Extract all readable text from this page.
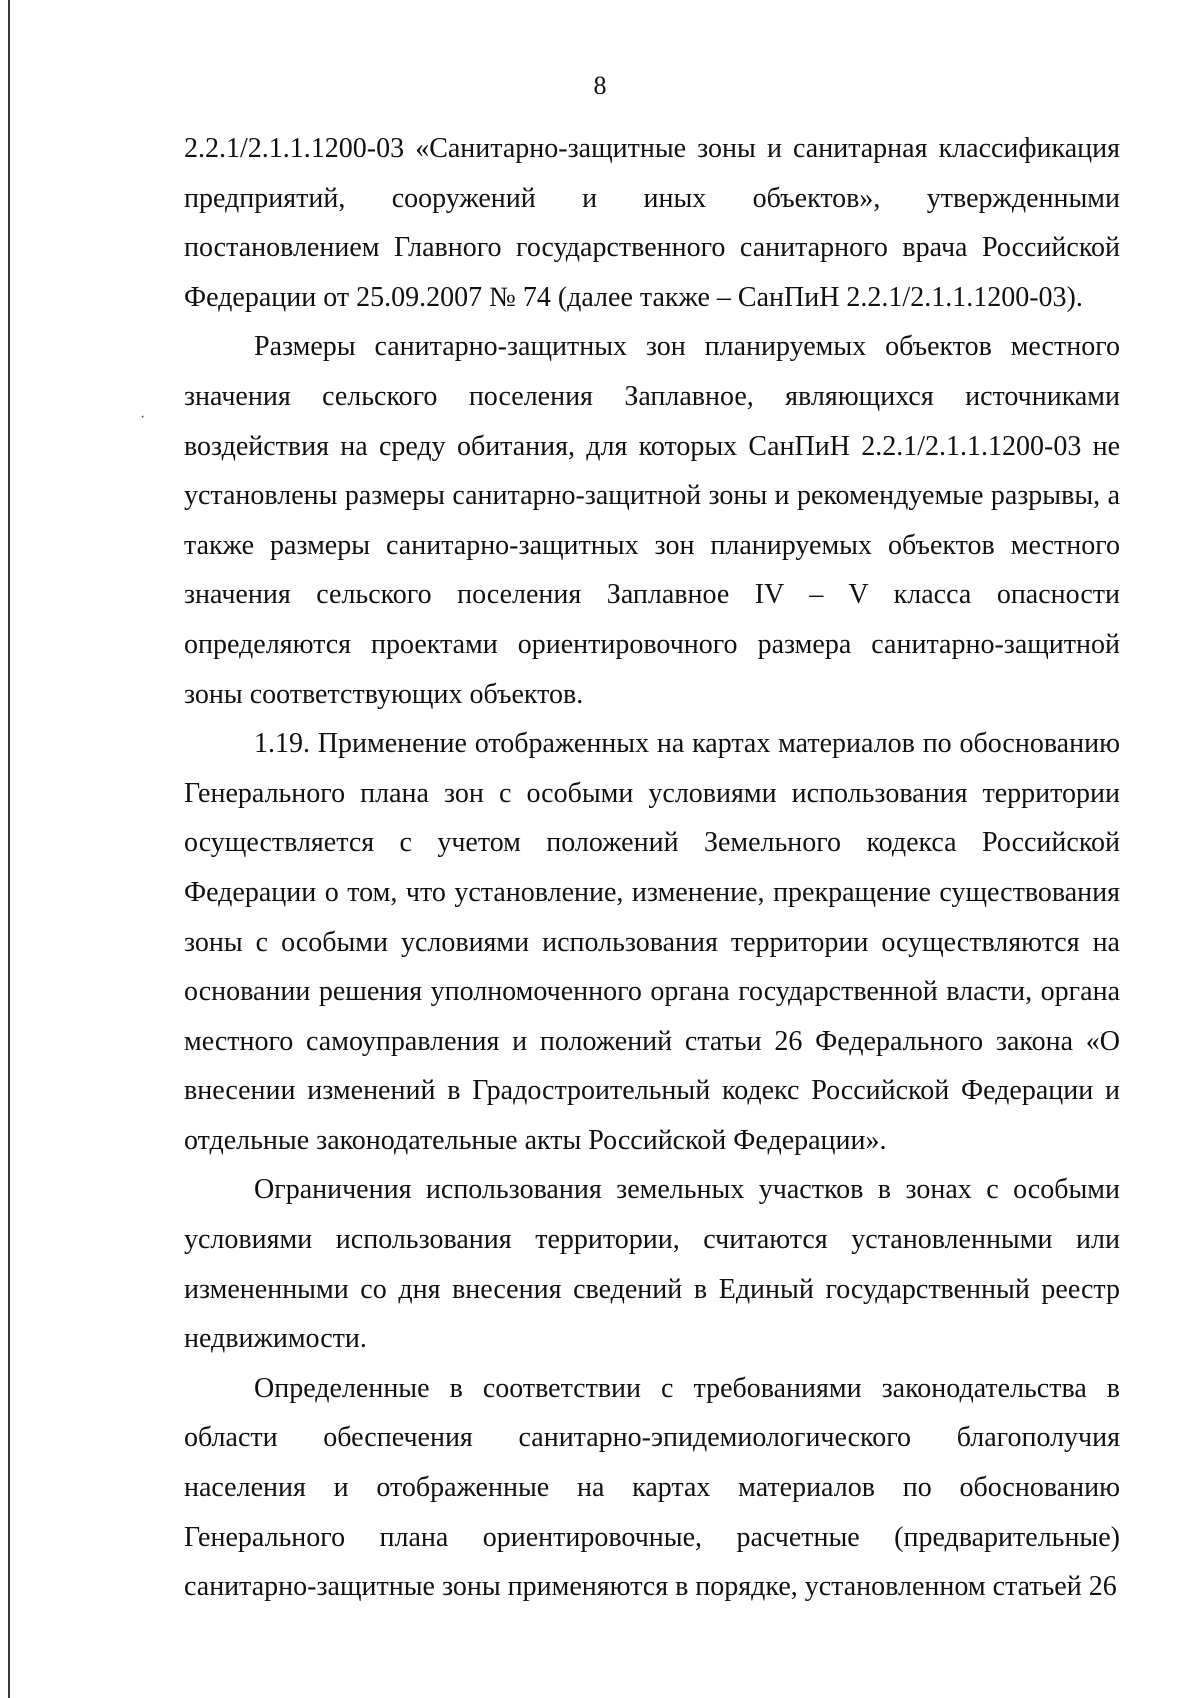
8
·

2.2.1/2.1.1.1200-03 «Санитарно-защитные зоны и санитарная классификация предприятий, сооружений и иных объектов», утвержденными постановлением Главного государственного санитарного врача Российской Федерации от 25.09.2007 № 74 (далее также – СанПиН 2.2.1/2.1.1.1200-03).

Размеры санитарно-защитных зон планируемых объектов местного значения сельского поселения Заплавное, являющихся источниками воздействия на среду обитания, для которых СанПиН 2.2.1/2.1.1.1200-03 не установлены размеры санитарно-защитной зоны и рекомендуемые разрывы, а также размеры санитарно-защитных зон планируемых объектов местного значения сельского поселения Заплавное IV – V класса опасности определяются проектами ориентировочного размера санитарно-защитной зоны соответствующих объектов.

1.19. Применение отображенных на картах материалов по обоснованию Генерального плана зон с особыми условиями использования территории осуществляется с учетом положений Земельного кодекса Российской Федерации о том, что установление, изменение, прекращение существования зоны с особыми условиями использования территории осуществляются на основании решения уполномоченного органа государственной власти, органа местного самоуправления и положений статьи 26 Федерального закона «О внесении изменений в Градостроительный кодекс Российской Федерации и отдельные законодательные акты Российской Федерации».

Ограничения использования земельных участков в зонах с особыми условиями использования территории, считаются установленными или измененными со дня внесения сведений в Единый государственный реестр недвижимости.

Определенные в соответствии с требованиями законодательства в области обеспечения санитарно-эпидемиологического благополучия населения и отображенные на картах материалов по обоснованию Генерального плана ориентировочные, расчетные (предварительные) санитарно-защитные зоны применяются в порядке, установленном статьей 26
